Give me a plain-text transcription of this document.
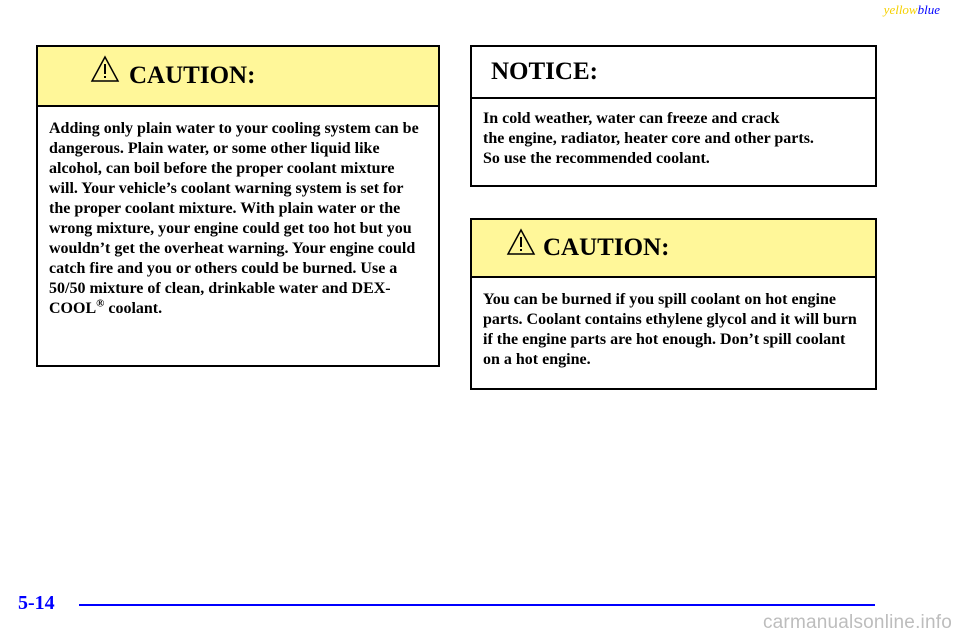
yellowblue
CAUTION:

Adding only plain water to your cooling system can be dangerous. Plain water, or some other liquid like alcohol, can boil before the proper coolant mixture will. Your vehicle’s coolant warning system is set for the proper coolant mixture. With plain water or the wrong mixture, your engine could get too hot but you wouldn’t get the overheat warning. Your engine could catch fire and you or others could be burned. Use a 50/50 mixture of clean, drinkable water and DEX-COOL® coolant.

NOTICE:

In cold weather, water can freeze and crack

the engine, radiator, heater core and other parts.

So use the recommended coolant.

CAUTION:

You can be burned if you spill coolant on hot engine parts. Coolant contains ethylene glycol and it will burn if the engine parts are hot enough. Don’t spill coolant on a hot engine.

5-14
carmanualsonline.info
